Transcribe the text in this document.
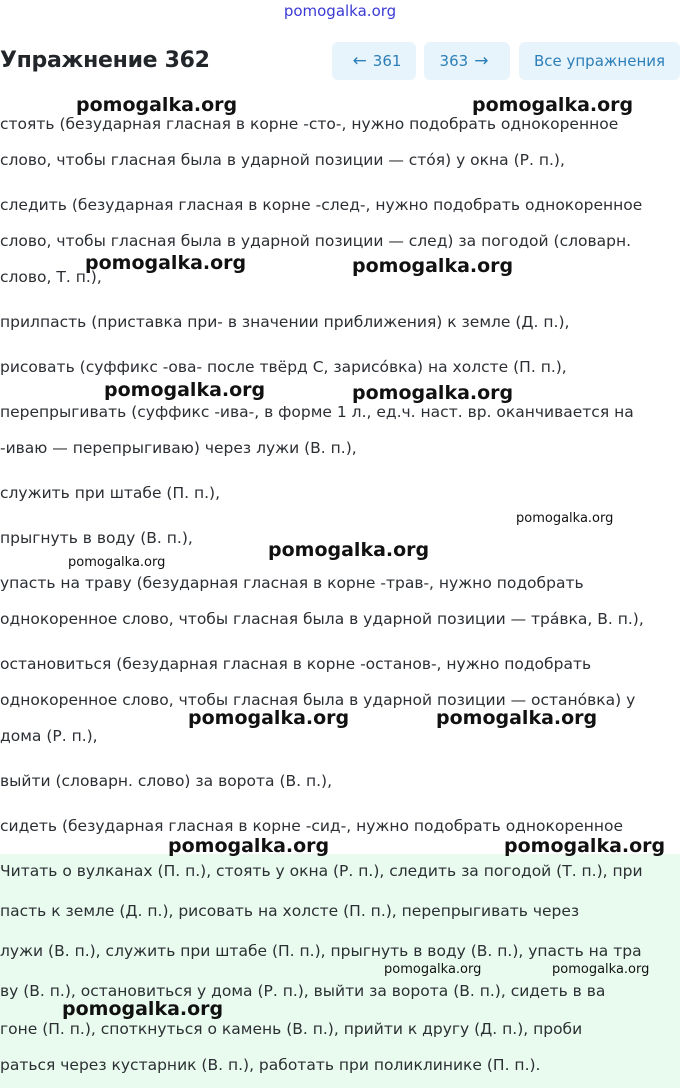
pomogalka.org
Упражнение 362	← 361	363 →	Все упражнения
стоять (безударная гласная в корне -сто-, нужно подобрать однокоренное
слово, чтобы гласная была в ударной позиции — сто́я) у окна (Р. п.),
следить (безударная гласная в корне -след-, нужно подобрать однокоренное
слово, чтобы гласная была в ударной позиции — след) за погодой (словарн.
слово, Т. п.),
прилпасть (приставка при- в значении приближения) к земле (Д. п.),
рисовать (суффикс -ова- после твёрд С, зарисо́вка) на холсте (П. п.),
перепрыгивать (суффикс -ива-, в форме 1 л., ед.ч. наст. вр. оканчивается на
-иваю — перепрыгиваю) через лужи (В. п.),
служить при штабе (П. п.),
прыгнуть в воду (В. п.),
упасть на траву (безударная гласная в корне -трав-, нужно подобрать
однокоренное слово, чтобы гласная была в ударной позиции — тра́вка, В. п.),
остановиться (безударная гласная в корне -останов-, нужно подобрать
однокоренное слово, чтобы гласная была в ударной позиции — остано́вка) у
дома (Р. п.),
выйти (словарн. слово) за ворота (В. п.),
сидеть (безударная гласная в корне -сид-, нужно подобрать однокоренное
Читать о вулканах (П. п.), стоять у окна (Р. п.), следить за погодой (Т. п.), при
пасть к земле (Д. п.), рисовать на холсте (П. п.), перепрыгивать через
лужи (В. п.), служить при штабе (П. п.), прыгнуть в воду (В. п.), упасть на тра
ву (В. п.), остановиться у дома (Р. п.), выйти за ворота (В. п.), сидеть в ва
гоне (П. п.), споткнуться о камень (В. п.), прийти к другу (Д. п.), проби
раться через кустарник (В. п.), работать при поликлинике (П. п.).
pomogalka.org	pomogalka.org
pomogalka.org	pomogalka.org
pomogalka.org	pomogalka.org
pomogalka.org
pomogalka.org
pomogalka.org
pomogalka.org	pomogalka.org
pomogalka.org	pomogalka.org
pomogalka.org	pomogalka.org
pomogalka.org
